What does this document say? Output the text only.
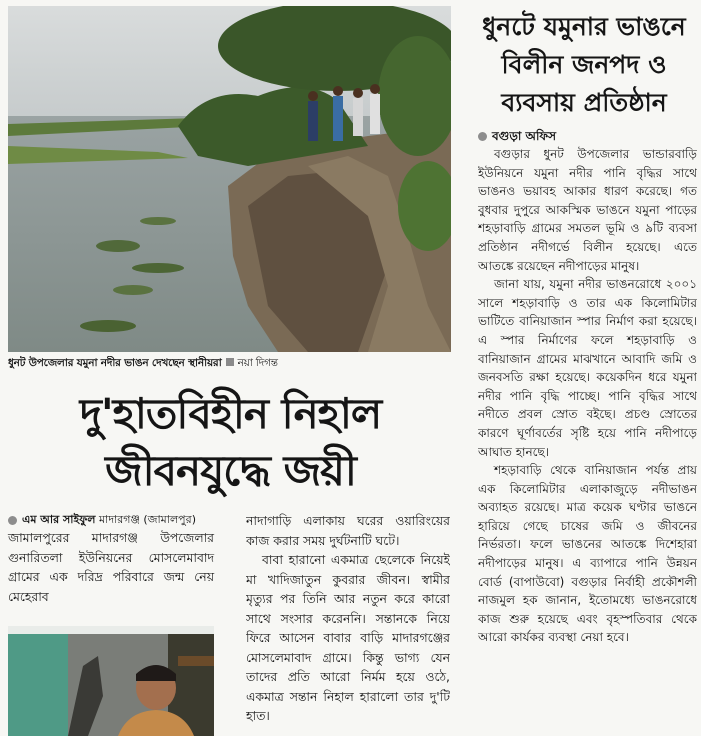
ধুনট উপজেলার যমুনা নদীর ভাঙন দেখছেন স্থানীয়রা নয়া দিগন্ত
দু'হাতবিহীন নিহাল
জীবনযুদ্ধে জয়ী
এম আর সাইফুল মাদারগঞ্জ (জামালপুর)

জামালপুরের মাদারগঞ্জ উপজেলার গুনারিতলা ইউনিয়নের মোসলেমাবাদ গ্রামের এক দরিদ্র পরিবারে জন্ম নেয় মেহেরাব

নাদাগাড়ি এলাকায় ঘরের ওয়ারিংয়ের কাজ করার সময় দুর্ঘটনাটি ঘটে।

বাবা হারানো একমাত্র ছেলেকে নিয়েই মা খাদিজাতুন কুবরার জীবন। স্বামীর মৃত্যুর পর তিনি আর নতুন করে কারো সাথে সংসার করেননি। সন্তানকে নিয়ে ফিরে আসেন বাবার বাড়ি মাদারগঞ্জের মোসলেমাবাদ গ্রামে। কিন্তু ভাগ্য যেন তাদের প্রতি আরো নির্মম হয়ে ওঠে, একমাত্র সন্তান নিহাল হারালো তার দু'টি হাত।

ধুনটে যমুনার ভাঙনে বিলীন জনপদ ও ব্যবসায় প্রতিষ্ঠান
বগুড়া অফিস

বগুড়ার ধুনট উপজেলার ভান্ডারবাড়ি ইউনিয়নে যমুনা নদীর পানি বৃদ্ধির সাথে ভাঙনও ভয়াবহ আকার ধারণ করেছে। গত বুধবার দুপুরে আকস্মিক ভাঙনে যমুনা পাড়ের শহড়াবাড়ি গ্রামের সমতল ভূমি ও ৯টি ব্যবসা প্রতিষ্ঠান নদীগর্ভে বিলীন হয়েছে। এতে আতঙ্কে রয়েছেন নদীপাড়ের মানুষ।

জানা যায়, যমুনা নদীর ভাঙনরোধে ২০০১ সালে শহড়াবাড়ি ও তার এক কিলোমিটার ভাটিতে বানিয়াজান স্পার নির্মাণ করা হয়েছে। এ স্পার নির্মাণের ফলে শহড়াবাড়ি ও বানিয়াজান গ্রামের মাঝখানে আবাদি জমি ও জনবসতি রক্ষা হয়েছে। কয়েকদিন ধরে যমুনা নদীর পানি বৃদ্ধি পাচ্ছে। পানি বৃদ্ধির সাথে নদীতে প্রবল স্রোত বইছে। প্রচণ্ড স্রোতের কারণে ঘূর্ণাবর্তের সৃষ্টি হয়ে পানি নদীপাড়ে আঘাত হানছে।

শহড়াবাড়ি থেকে বানিয়াজান পর্যন্ত প্রায় এক কিলোমিটার এলাকাজুড়ে নদীভাঙন অব্যাহত রয়েছে। মাত্র কয়েক ঘণ্টার ভাঙনে হারিয়ে গেছে চাষের জমি ও জীবনের নির্ভরতা। ফলে ভাঙনের আতঙ্কে দিশেহারা নদীপাড়ের মানুষ। এ ব্যাপারে পানি উন্নয়ন বোর্ড (বাপাউবো) বগুড়ার নির্বাহী প্রকৌশলী নাজমুল হক জানান, ইতোমধ্যে ভাঙনরোধে কাজ শুরু হয়েছে এবং বৃহস্পতিবার থেকে আরো কার্যকর ব্যবস্থা নেয়া হবে।
